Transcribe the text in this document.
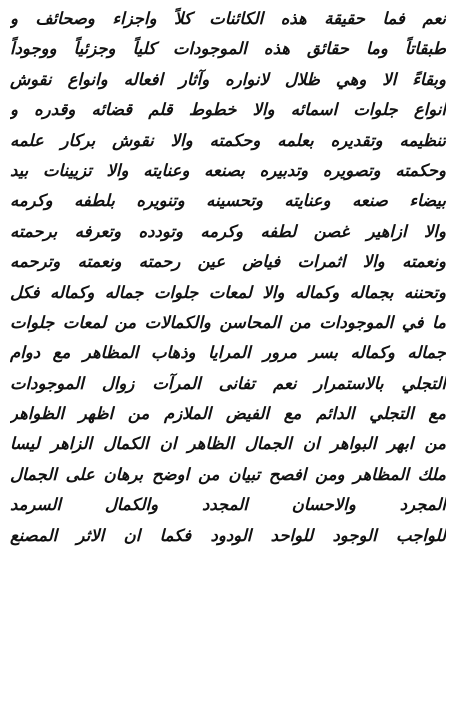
نعم فما حقيقة هذه الكائنات كلاً واجزاء وصحائف و
طبقاتاً وما حقائق هذه الموجودات كلياً وجزئياً ووجوداً
وبقاءً الا وهي ظلال لانواره وآثار افعاله وانواع نقوش
انواع جلوات اسمائه والا خطوط قلم قضائه وقدره و
تنظيمه وتقديره بعلمه وحكمته والا نقوش بركار علمه
وحكمته وتصويره وتدبيره بصنعه وعنايته والا تزيينات بيد
بيضاء صنعه وعنايته وتحسينه وتنويره بلطفه وكرمه
والا ازاهير غصن لطفه وكرمه وتودده وتعرفه برحمته
ونعمته والا اثمرات فياض عين رحمته ونعمته وترحمه
وتحننه بجماله وكماله والا لمعات جلوات جماله وكماله فكل
ما في الموجودات من المحاسن والكمالات من لمعات جلوات
جماله وكماله بسر مرور المرايا وذهاب المظاهر مع دوام
التجلي بالاستمرار نعم تفانى المرآت زوال الموجودات
مع التجلي الدائم مع الفيض الملازم من اظهر الظواهر
من ابهر البواهر ان الجمال الظاهر ان الكمال الزاهر ليسا
ملك المظاهر ومن افصح تبيان من اوضح برهان على الجمال
المجرد والاحسان المجدد والكمال السرمد
للواجب الوجود للواحد الودود فكما ان الاثر المصنع
